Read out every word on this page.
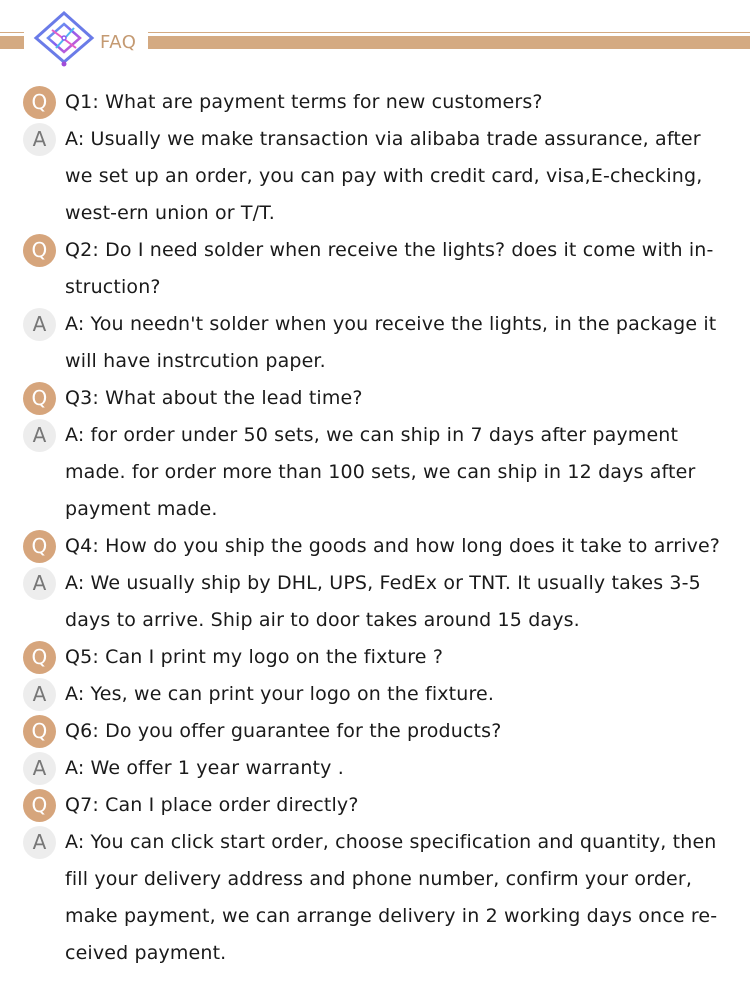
FAQ
Q Q1: What are payment terms for new customers?
A A: Usually we make transaction via alibaba trade assurance, after we set up an order, you can pay with credit card, visa,E-checking, west-ern union or T/T.
Q Q2: Do I need solder when receive the lights? does it come with in-struction?
A A: You needn't solder when you receive the lights, in the package it will have instrcution paper.
Q Q3: What about the lead time?
A A: for order under 50 sets, we can ship in 7 days after payment made. for order more than 100 sets, we can ship in 12 days after payment made.
Q Q4: How do you ship the goods and how long does it take to arrive?
A A: We usually ship by DHL, UPS, FedEx or TNT. It usually takes 3-5 days to arrive. Ship air to door takes around 15 days.
Q Q5: Can I print my logo on the fixture ?
A A: Yes, we can print your logo on the fixture.
Q Q6: Do you offer guarantee for the products?
A A: We offer 1 year warranty .
Q Q7: Can I place order directly?
A A: You can click start order, choose specification and quantity, then fill your delivery address and phone number, confirm your order, make payment, we can arrange delivery in 2 working days once re-ceived payment.
